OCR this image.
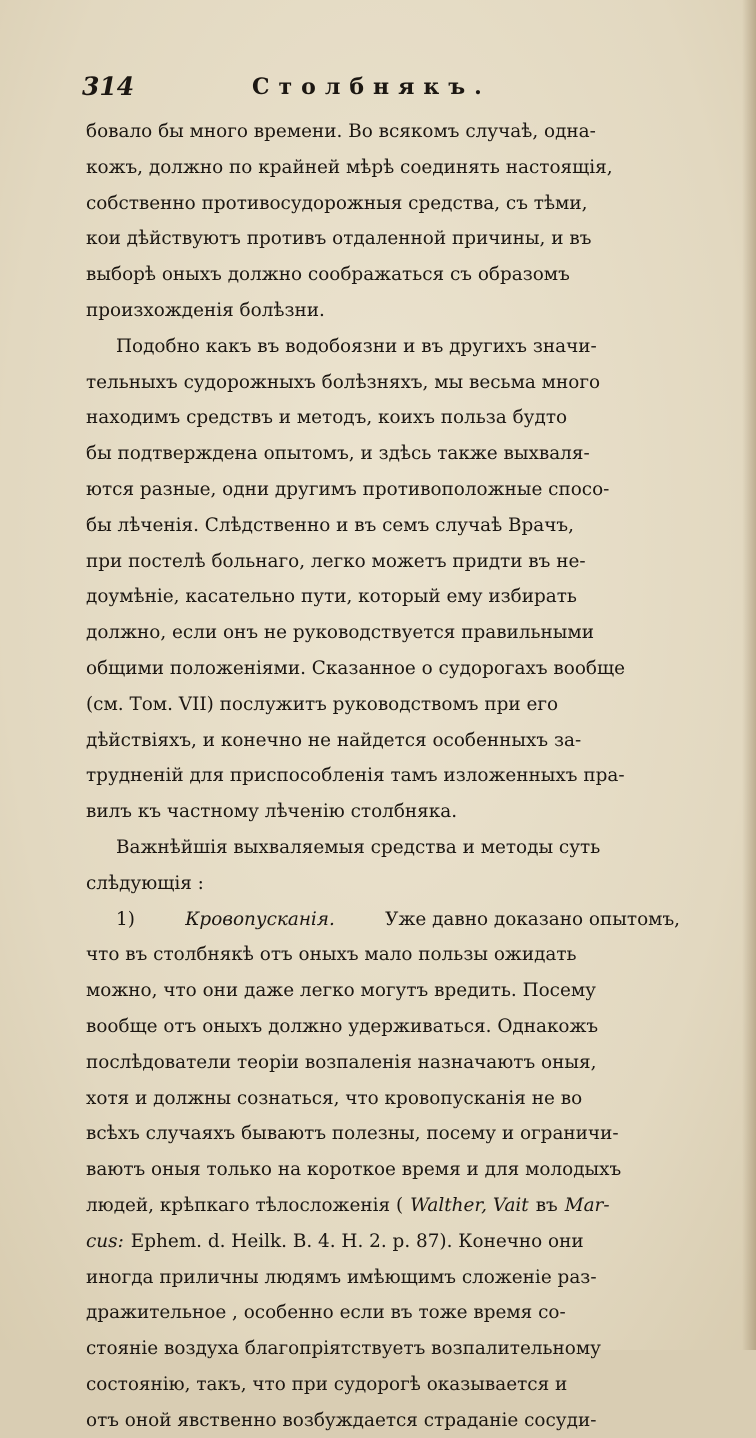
314	Столбнякъ.
бовало бы много времени. Во всякомъ случаѣ, одна-
кожъ, должно по крайней мѣрѣ соединять настоящія,
собственно противосудорожныя средства, съ тѣми,
кои дѣйствуютъ противъ отдаленной причины, и въ
выборѣ оныхъ должно соображаться съ образомъ
произхожденія болѣзни.
Подобно какъ въ водобоязни и въ другихъ значи-
тельныхъ судорожныхъ болѣзняхъ, мы весьма много
находимъ средствъ и методъ, коихъ польза будто
бы подтверждена опытомъ, и здѣсь также выхваля-
ются разные, одни другимъ противоположные спосо-
бы лѣченія. Слѣдственно и въ семъ случаѣ Врачъ,
при постелѣ больнаго, легко можетъ придти въ не-
доумѣніе, касательно пути, который ему избирать
должно, если онъ не руководствуется правильными
общими положеніями. Сказанное о судорогахъ вообще
(см. Том. VII) послужитъ руководствомъ при его
дѣйствіяхъ, и конечно не найдется особенныхъ за-
трудненій для приспособленія тамъ изложенныхъ пра-
вилъ къ частному лѣченію столбняка.
Важнѣйшія выхваляемыя средства и методы суть
слѣдующія :
1)	Кровопусканія.	Уже давно доказано опытомъ,
что въ столбнякѣ отъ оныхъ мало пользы ожидать
можно, что они даже легко могутъ вредить. Посему
вообще отъ оныхъ должно удерживаться. Однакожъ
послѣдователи теоріи возпаленія назначаютъ оныя,
хотя и должны сознаться, что кровопусканія не во
всѣхъ случаяхъ бываютъ полезны, посему и ограничи-
ваютъ оныя только на короткое время и для молодыхъ
людей, крѣпкаго тѣлосложенія ( Walther, Vait въ Mar-
cus: Ephem. d. Heilk. B. 4. H. 2. p. 87). Конечно они
иногда приличны людямъ имѣющимъ сложеніе раз-
дражительное , особенно если въ тоже время со-
стояніе воздуха благопріятствуетъ возпалительному
состоянію, такъ, что при судорогѣ оказывается и
отъ оной явственно возбуждается страданіе сосуди-
